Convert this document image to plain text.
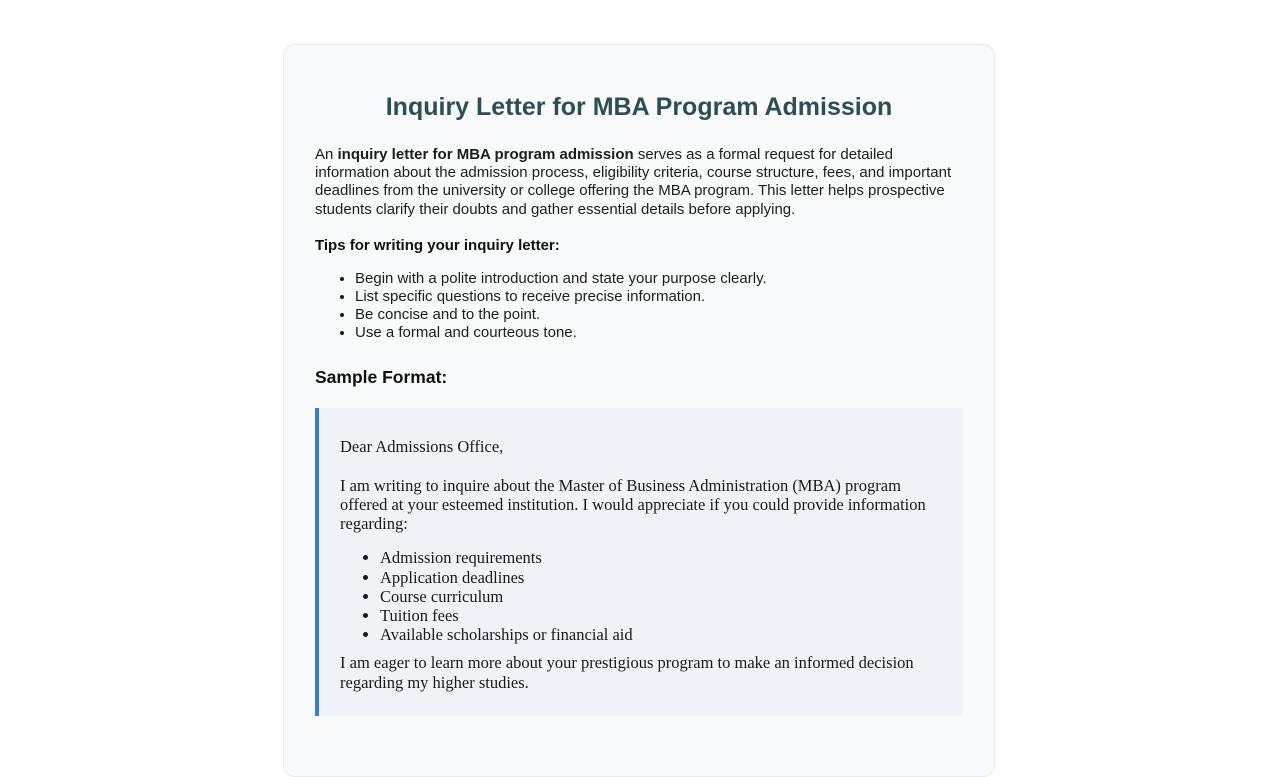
Inquiry Letter for MBA Program Admission

An inquiry letter for MBA program admission serves as a formal request for detailed information about the admission process, eligibility criteria, course structure, fees, and important deadlines from the university or college offering the MBA program. This letter helps prospective students clarify their doubts and gather essential details before applying.

Tips for writing your inquiry letter:

• Begin with a polite introduction and state your purpose clearly.
• List specific questions to receive precise information.
• Be concise and to the point.
• Use a formal and courteous tone.
Sample Format:

Dear Admissions Office,

I am writing to inquire about the Master of Business Administration (MBA) program offered at your esteemed institution. I would appreciate if you could provide information regarding:

• Admission requirements
• Application deadlines
• Course curriculum
• Tuition fees
• Available scholarships or financial aid

I am eager to learn more about your prestigious program to make an informed decision regarding my higher studies.
